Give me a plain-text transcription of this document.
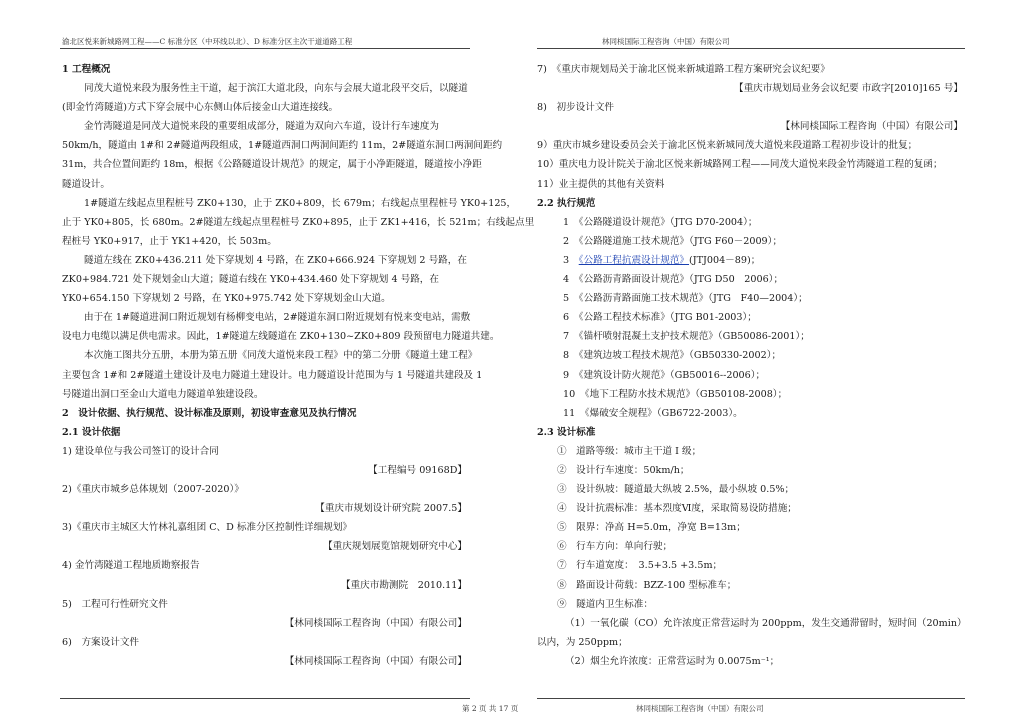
渝北区悦来新城路网工程——C 标准分区（中环线以北）、D 标准分区主次干道道路工程	林同棪国际工程咨询（中国）有限公司

1 工程概况

同茂大道悦来段为服务性主干道，起于滨江大道北段，向东与会展大道北段平交后，以隧道

(即金竹湾隧道)方式下穿会展中心东侧山体后接金山大道连接线。

金竹湾隧道是同茂大道悦来段的重要组成部分，隧道为双向六车道，设计行车速度为

50km/h，隧道由 1#和 2#隧道两段组成，1#隧道西洞口两洞间距约 11m，2#隧道东洞口两洞间距约

31m，共合位置间距约 18m，根据《公路隧道设计规范》的规定，属于小净距隧道，隧道按小净距

隧道设计。

1#隧道左线起点里程桩号 ZK0+130，止于 ZK0+809，长 679m；右线起点里程桩号 YK0+125，

止于 YK0+805，长 680m。2#隧道左线起点里程桩号 ZK0+895，止于 ZK1+416，长 521m；右线起点里

程桩号 YK0+917，止于 YK1+420，长 503m。

隧道左线在 ZK0+436.211 处下穿规划 4 号路，在 ZK0+666.924 下穿规划 2 号路，在

ZK0+984.721 处下规划金山大道；隧道右线在 YK0+434.460 处下穿规划 4 号路，在

YK0+654.150 下穿规划 2 号路，在 YK0+975.742 处下穿规划金山大道。

由于在 1#隧道进洞口附近规划有杨柳变电站，2#隧道东洞口附近规划有悦来变电站，需敷

设电力电缆以满足供电需求。因此，1#隧道左线隧道在 ZK0+130~ZK0+809 段预留电力隧道共建。

本次施工图共分五册，本册为第五册《同茂大道悦来段工程》中的第二分册《隧道土建工程》

主要包含 1#和 2#隧道土建设计及电力隧道土建设计。电力隧道设计范围为与 1 号隧道共建段及 1

号隧道出洞口至金山大道电力隧道单独建设段。

2　设计依据、执行规范、设计标准及原则，初设审查意见及执行情况

2.1 设计依据

1) 建设单位与我公司签订的设计合同

【工程编号 09168D】

2)《重庆市城乡总体规划（2007-2020）》

【重庆市规划设计研究院 2007.5】

3)《重庆市主城区大竹林礼嘉组团 C、D 标准分区控制性详细规划》

【重庆规划展览馆规划研究中心】

4) 金竹湾隧道工程地质勘察报告

【重庆市勘测院　2010.11】

5)　工程可行性研究文件

【林同棪国际工程咨询（中国）有限公司】

6)　方案设计文件

【林同棪国际工程咨询（中国）有限公司】

7)　《重庆市规划局关于渝北区悦来新城道路工程方案研究会议纪要》

【重庆市规划局业务会议纪要 市政字[2010]165 号】

8)　初步设计文件

【林同棪国际工程咨询（中国）有限公司】

9）重庆市城乡建设委员会关于渝北区悦来新城同茂大道悦来段道路工程初步设计的批复；

10）重庆电力设计院关于渝北区悦来新城路网工程——同茂大道悦来段金竹湾隧道工程的复函；

11）业主提供的其他有关资料

2.2 执行规范

1　《公路隧道设计规范》（JTG D70-2004）；

2　《公路隧道施工技术规范》（JTG F60－2009）；

3　《公路工程抗震设计规范》(JTJ004－89)；

4　《公路沥青路面设计规范》（JTG D50　2006）；

5　《公路沥青路面施工技术规范》（JTG　F40—2004）；

6　《公路工程技术标准》（JTG B01-2003）；

7　《锚杆喷射混凝土支护技术规范》（GB50086-2001）；

8　《建筑边坡工程技术规范》（GB50330-2002）；

9　《建筑设计防火规范》（GB50016--2006）；

10　《地下工程防水技术规范》（GB50108-2008）；

11　《爆破安全规程》（GB6722-2003）。

2.3 设计标准

①　道路等级：城市主干道 I 级；

②　设计行车速度：50km/h；

③　设计纵坡：隧道最大纵坡 2.5%，最小纵坡 0.5%；

④　设计抗震标准：基本烈度Ⅵ度，采取简易设防措施；

⑤　限界：净高 H=5.0m，净宽 B=13m；

⑥　行车方向：单向行驶；

⑦　行车道宽度：　3.5+3.5 +3.5m；

⑧　路面设计荷载：BZZ-100 型标准车；

⑨　隧道内卫生标准：

（1）一氧化碳（CO）允许浓度正常营运时为 200ppm，发生交通滞留时，短时间（20min）

以内，为 250ppm；

（2）烟尘允许浓度：正常营运时为 0.0075m⁻¹；

第 2 页 共 17 页	林同棪国际工程咨询（中国）有限公司
